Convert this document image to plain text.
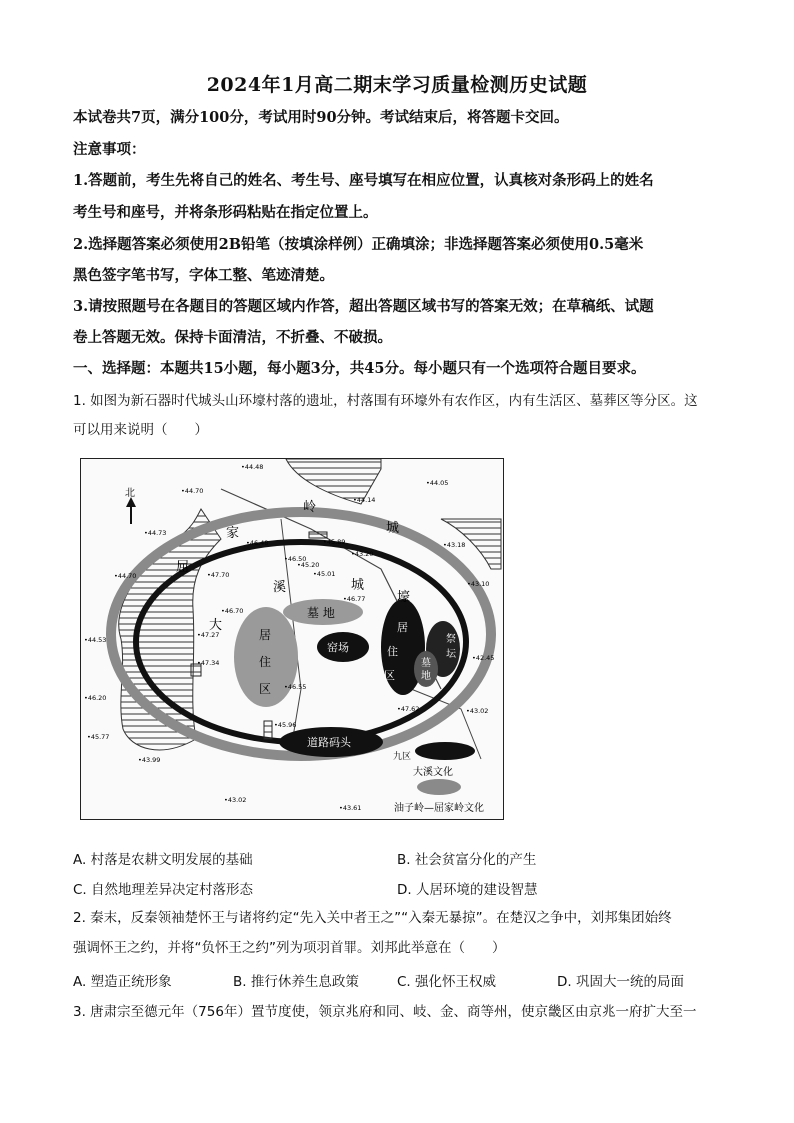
2024年1月高二期末学习质量检测历史试题
本试卷共7页，满分100分，考试用时90分钟。考试结束后，将答题卡交回。
注意事项：
1.答题前，考生先将自己的姓名、考生号、座号填写在相应位置，认真核对条形码上的姓名
考生号和座号，并将条形码粘贴在指定位置上。
2.选择题答案必须使用2B铅笔（按填涂样例）正确填涂；非选择题答案必须使用0.5毫米
黑色签字笔书写，字体工整、笔迹清楚。
3.请按照题号在各题目的答题区域内作答，超出答题区域书写的答案无效；在草稿纸、试题
卷上答题无效。保持卡面清洁，不折叠、不破损。
一、选择题：本题共15小题，每小题3分，共45分。每小题只有一个选项符合题目要求。
1. 如图为新石器时代城头山环壕村落的遗址，村落围有环壕外有农作区，内有生活区、墓葬区等分区。这
可以用来说明（　　）
北
屈
家
岭
城
溪	城
壕
大
墓 地
窑场
居
住
区
居
住
区
墓
地
祭
坛
道路码头
九区
大溪文化
油子岭—屈家岭文化
•44.48
•44.70
•44.73
•44.70
•44.53
•46.20
•45.77
•43.99
•43.02
•43.61
•44.05
•43.18
•43.20
•43.10
•42.45
•43.02
•46.50
•45.89
•45.20
•46.77
•47.70
•46.70
•47.27
•47.34
•46.55
•45.96
•47.62
•44.14
•45.01
•46.48
A. 村落是农耕文明发展的基础	B. 社会贫富分化的产生
C. 自然地理差异决定村落形态	D. 人居环境的建设智慧
2. 秦末，反秦领袖楚怀王与诸将约定“先入关中者王之”“入秦无暴掠”。在楚汉之争中，刘邦集团始终
强调怀王之约，并将“负怀王之约”列为项羽首罪。刘邦此举意在（　　）
A. 塑造正统形象	B. 推行休养生息政策	C. 强化怀王权威	D. 巩固大一统的局面
3. 唐肃宗至德元年（756年）置节度使，领京兆府和同、岐、金、商等州，使京畿区由京兆一府扩大至一
